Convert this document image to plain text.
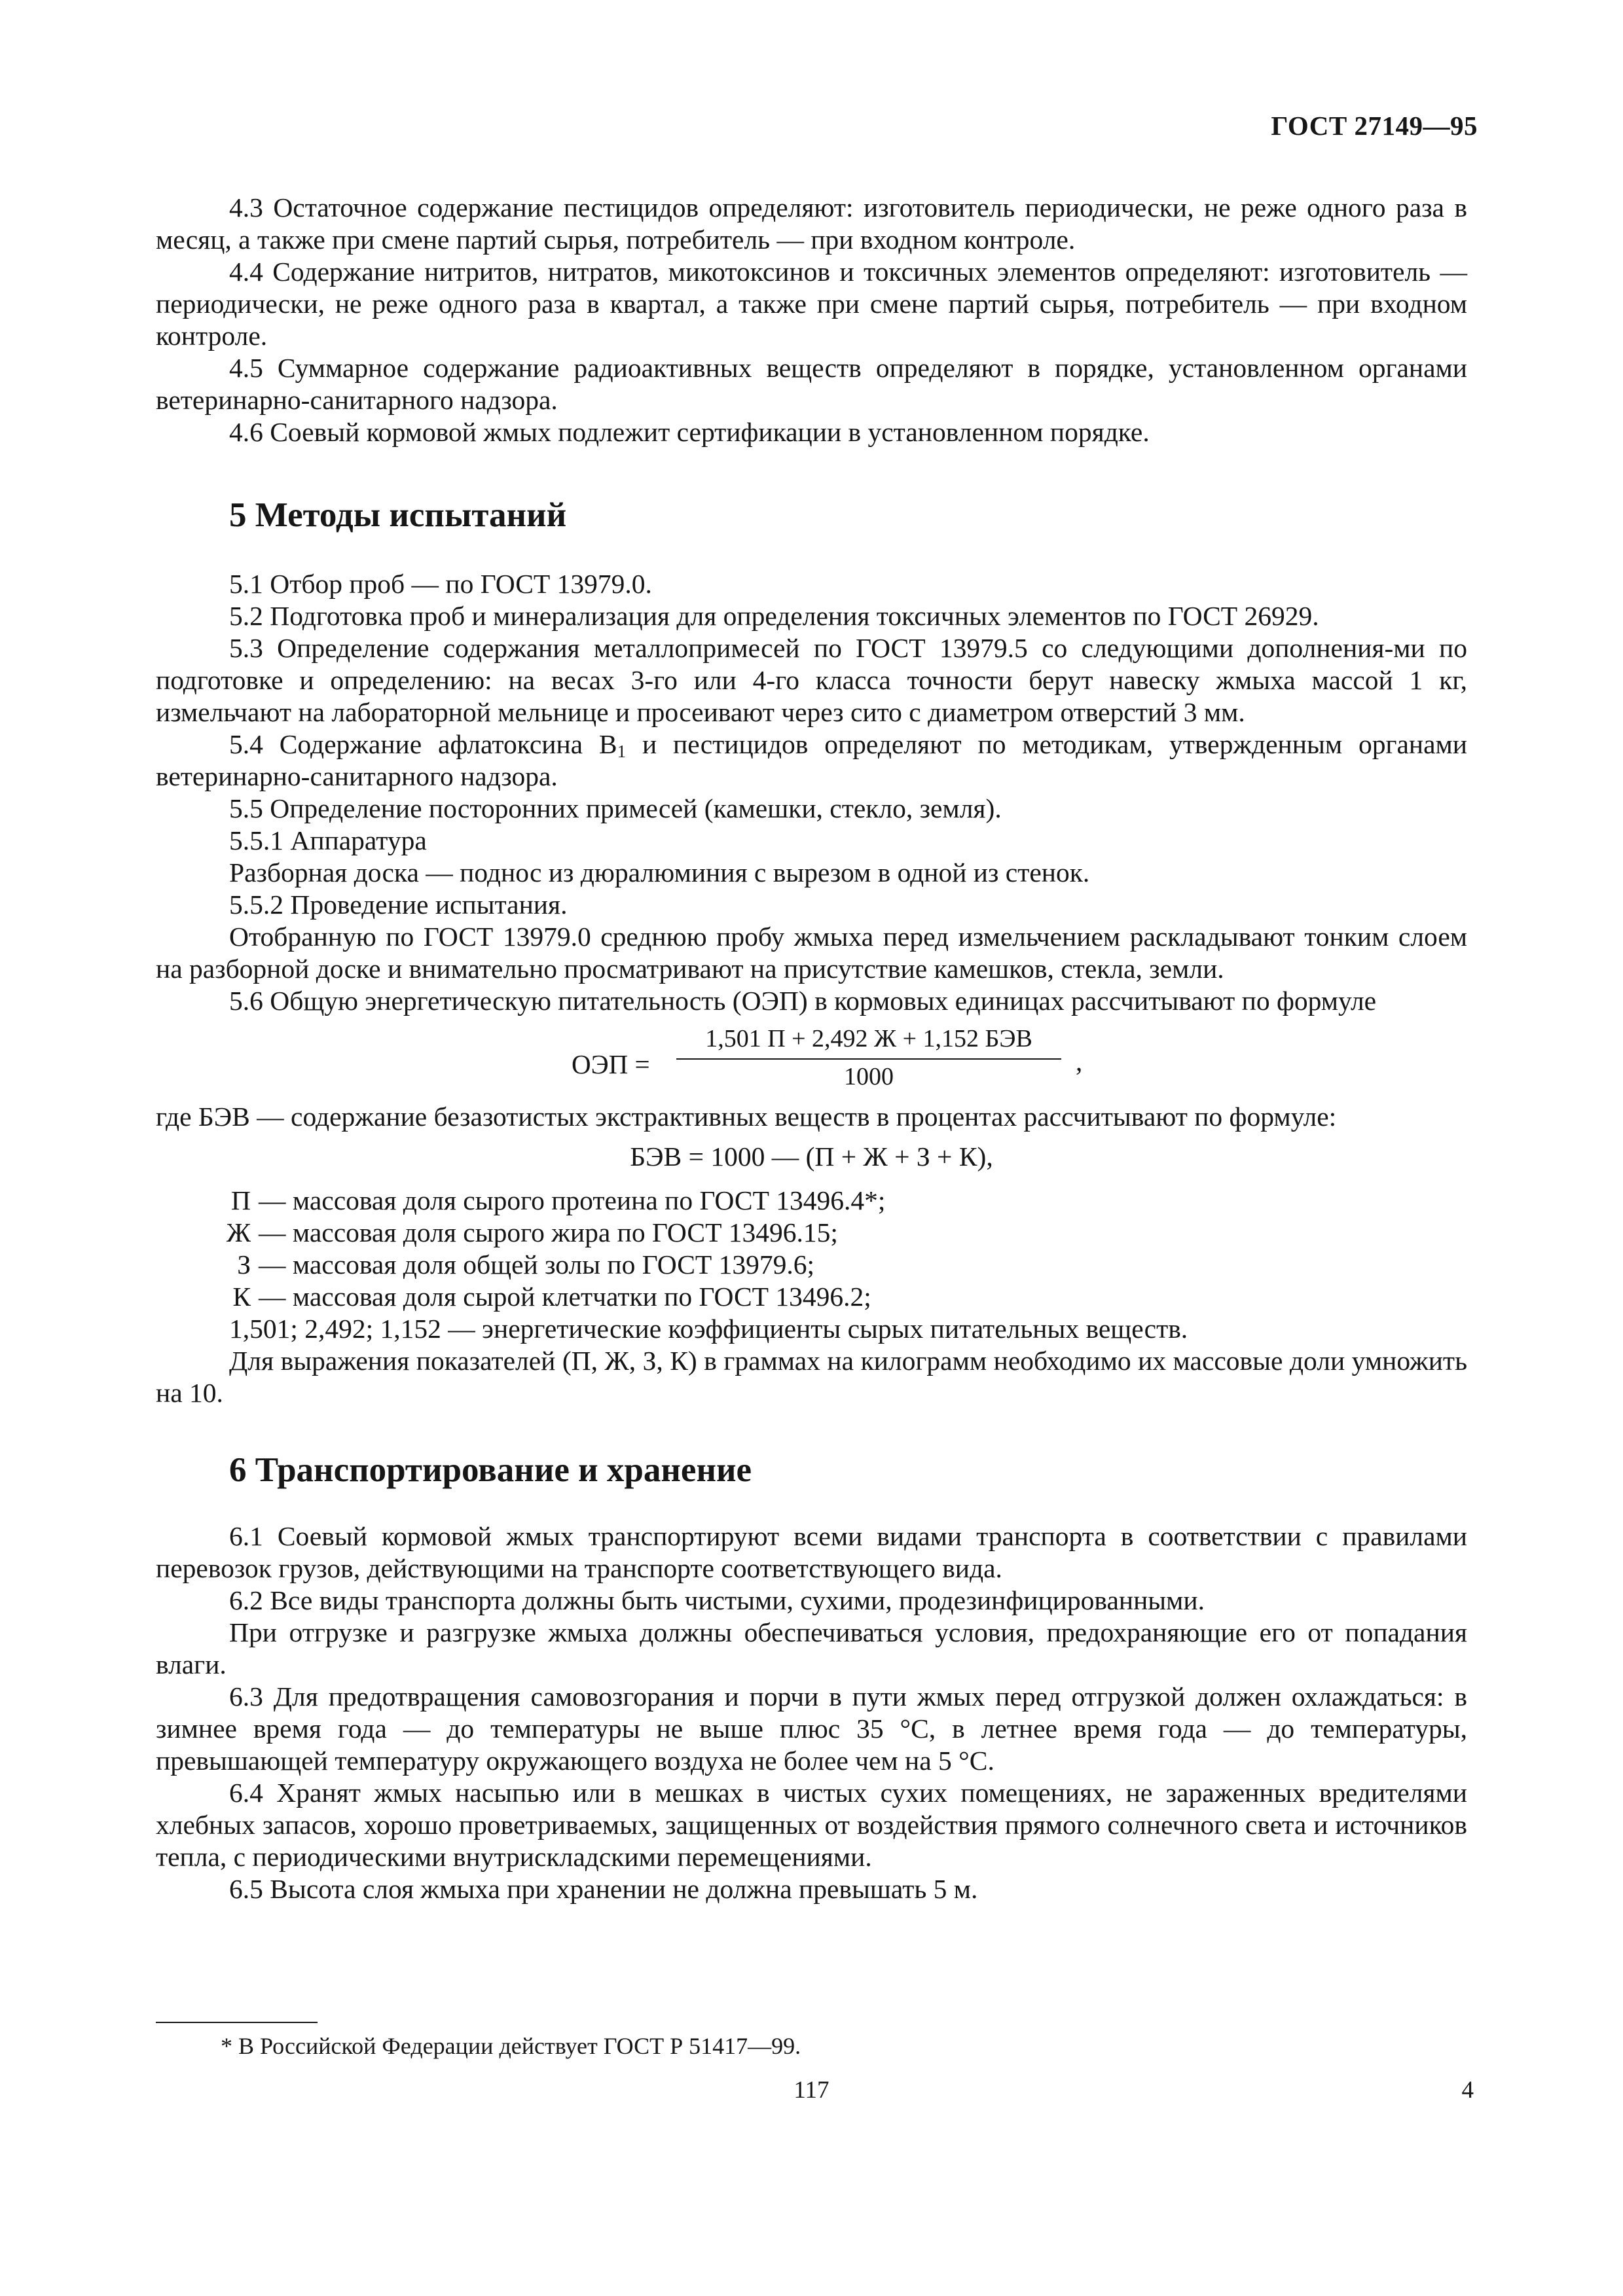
ГОСТ 27149—95

4.3 Остаточное содержание пестицидов определяют: изготовитель периодически, не реже одного раза в месяц, а также при смене партий сырья, потребитель — при входном контроле.

4.4 Содержание нитритов, нитратов, микотоксинов и токсичных элементов определяют: изготовитель — периодически, не реже одного раза в квартал, а также при смене партий сырья, потребитель — при входном контроле.

4.5 Суммарное содержание радиоактивных веществ определяют в порядке, установленном органами ветеринарно-санитарного надзора.

4.6 Соевый кормовой жмых подлежит сертификации в установленном порядке.

5 Методы испытаний

5.1 Отбор проб — по ГОСТ 13979.0.

5.2 Подготовка проб и минерализация для определения токсичных элементов по ГОСТ 26929.

5.3 Определение содержания металлопримесей по ГОСТ 13979.5 со следующими дополнения-ми по подготовке и определению: на весах 3-го или 4-го класса точности берут навеску жмыха массой 1 кг, измельчают на лабораторной мельнице и просеивают через сито с диаметром отверстий 3 мм.

5.4 Содержание афлатоксина $В_1$ и пестицидов определяют по методикам, утвержденным органами ветеринарно-санитарного надзора.

5.5 Определение посторонних примесей (камешки, стекло, земля).

5.5.1 Аппаратура

Разборная доска — поднос из дюралюминия с вырезом в одной из стенок.

5.5.2 Проведение испытания.

Отобранную по ГОСТ 13979.0 среднюю пробу жмыха перед измельчением раскладывают тонким слоем на разборной доске и внимательно просматривают на присутствие камешков, стекла, земли.

5.6 Общую энергетическую питательность (ОЭП) в кормовых единицах рассчитывают по формуле

ОЭП =
1,501 П + 2,492 Ж + 1,152 БЭВ
1000	,

где БЭВ — содержание безазотистых экстрактивных веществ в процентах рассчитывают по формуле:

БЭВ = 1000 — (П + Ж + З + К),

П — массовая доля сырого протеина по ГОСТ 13496.4*;
Ж — массовая доля сырого жира по ГОСТ 13496.15;
З — массовая доля общей золы по ГОСТ 13979.6;
К — массовая доля сырой клетчатки по ГОСТ 13496.2;

1,501; 2,492; 1,152 — энергетические коэффициенты сырых питательных веществ.

Для выражения показателей (П, Ж, З, К) в граммах на килограмм необходимо их массовые доли умножить на 10.

6 Транспортирование и хранение

6.1 Соевый кормовой жмых транспортируют всеми видами транспорта в соответствии с правилами перевозок грузов, действующими на транспорте соответствующего вида.

6.2 Все виды транспорта должны быть чистыми, сухими, продезинфицированными.

При отгрузке и разгрузке жмыха должны обеспечиваться условия, предохраняющие его от попадания влаги.

6.3 Для предотвращения самовозгорания и порчи в пути жмых перед отгрузкой должен охлаждаться: в зимнее время года — до температуры не выше плюс 35 °С, в летнее время года — до температуры, превышающей температуру окружающего воздуха не более чем на 5 °С.

6.4 Хранят жмых насыпью или в мешках в чистых сухих помещениях, не зараженных вредителями хлебных запасов, хорошо проветриваемых, защищенных от воздействия прямого солнечного света и источников тепла, с периодическими внутрискладскими перемещениями.

6.5 Высота слоя жмыха при хранении не должна превышать 5 м.

* В Российской Федерации действует ГОСТ Р 51417—99.
117	4
